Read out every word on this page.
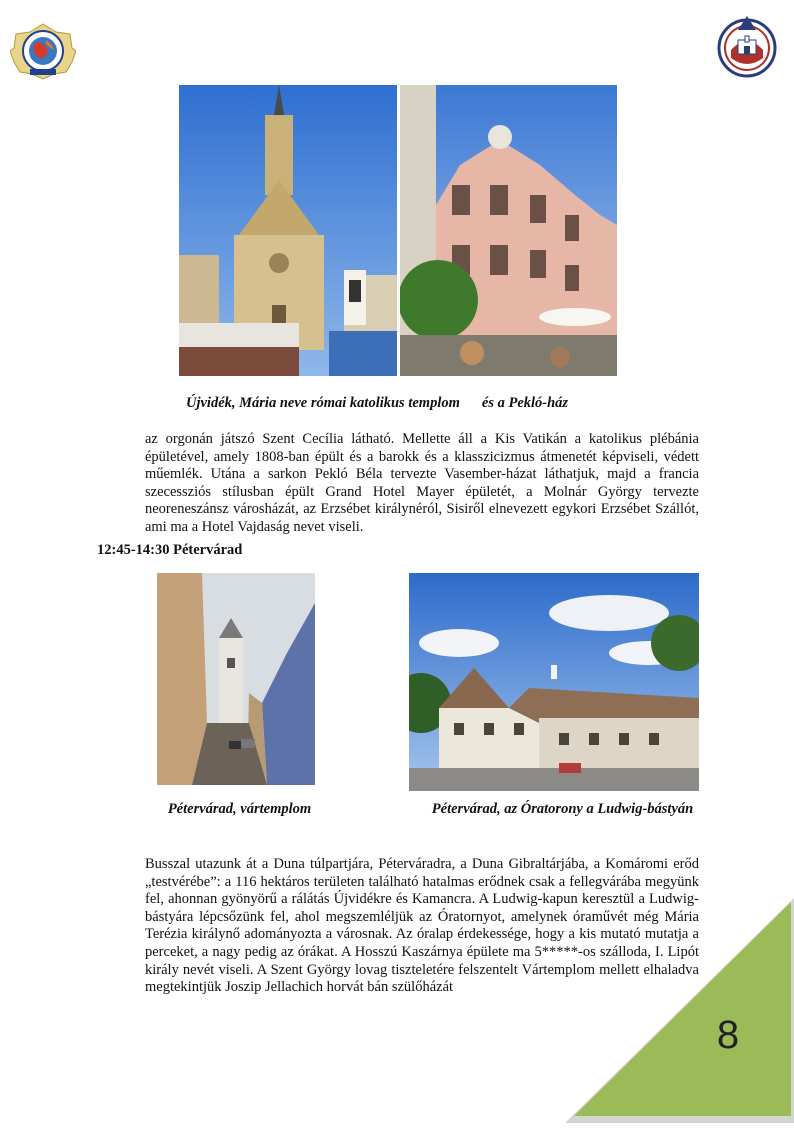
Újvidék, Mária neve római katolikus templom és a Pekló-ház
az orgonán játszó Szent Cecília látható. Mellette áll a Kis Vatikán a katolikus plébánia épületével, amely 1808-ban épült és a barokk és a klasszicizmus átmenetét képviseli, védett műemlék. Utána a sarkon Pekló Béla tervezte Vasember-házat láthatjuk, majd a francia szecessziós stílusban épült Grand Hotel Mayer épületét, a Molnár György tervezte neoreneszánsz városházát, az Erzsébet királynéról, Sisiről elnevezett egykori Erzsébet Szállót, ami ma a Hotel Vajdaság nevet viseli.
12:45-14:30 Pétervárad
Pétervárad, vártemplom	Pétervárad, az Óratorony a Ludwig-bástyán
Busszal utazunk át a Duna túlpartjára, Péterváradra, a Duna Gibraltárjába, a Komáromi erőd „testvérébe”: a 116 hektáros területen található hatalmas erődnek csak a fellegvárába megyünk fel, ahonnan gyönyörű a rálátás Újvidékre és Kamancra. A Ludwig-kapun keresztül a Ludwig-bástyára lépcsőzünk fel, ahol megszemléljük az Óratornyot, amelynek óraművét még Mária Terézia királynő adományozta a városnak. Az óralap érdekessége, hogy a kis mutató mutatja a perceket, a nagy pedig az órákat. A Hosszú Kaszárnya épülete ma 5*****-os szálloda, I. Lipót király nevét viseli. A Szent György lovag tiszteletére felszentelt Vártemplom mellett elhaladva megtekintjük Joszip Jellachich horvát bán szülőházát
8
